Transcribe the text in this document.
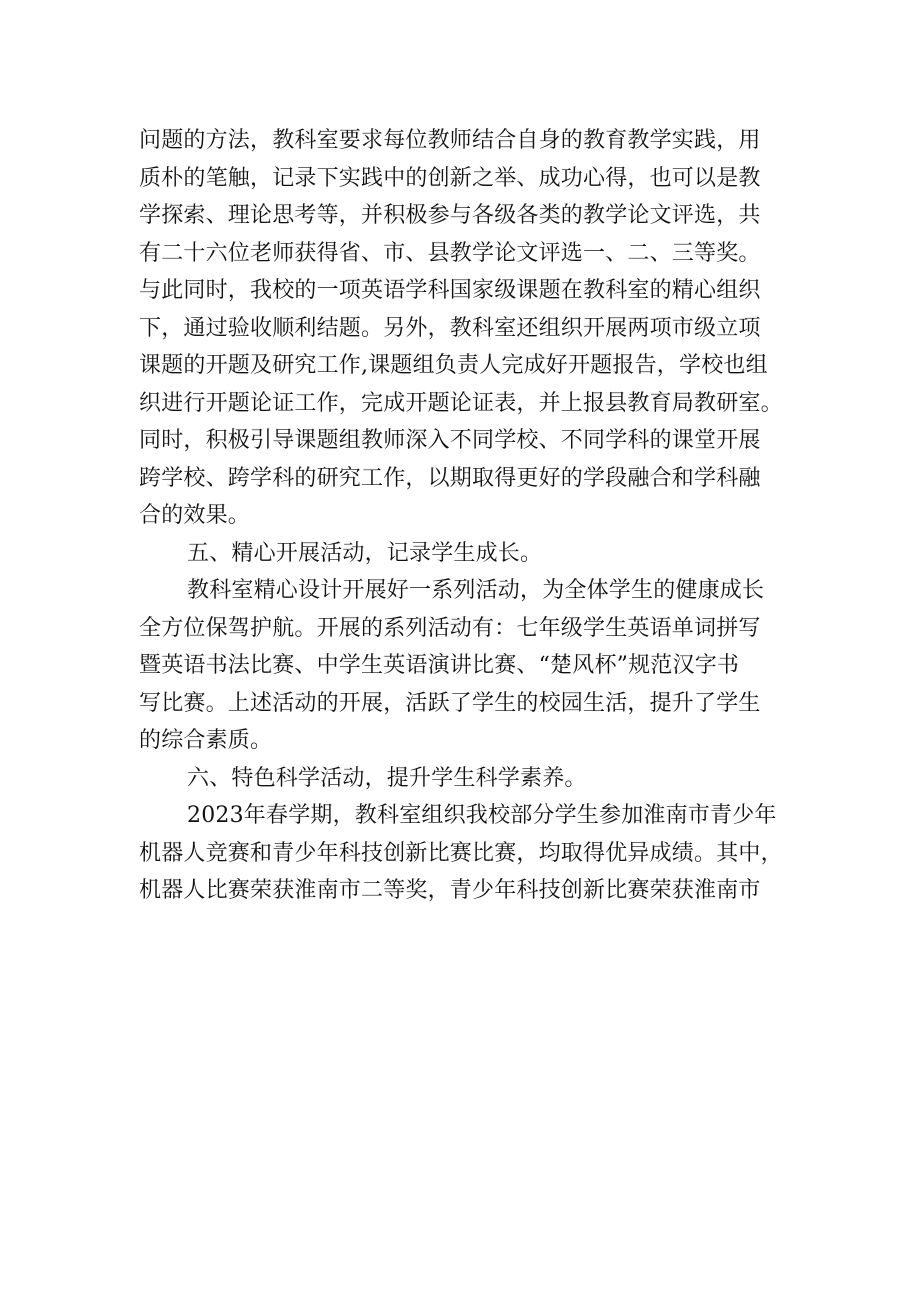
问题的方法，教科室要求每位教师结合自身的教育教学实践，用
质朴的笔触，记录下实践中的创新之举、成功心得，也可以是教
学探索、理论思考等，并积极参与各级各类的教学论文评选，共
有二十六位老师获得省、市、县教学论文评选一、二、三等奖。
与此同时，我校的一项英语学科国家级课题在教科室的精心组织
下，通过验收顺利结题。另外，教科室还组织开展两项市级立项
课题的开题及研究工作,课题组负责人完成好开题报告，学校也组
织进行开题论证工作，完成开题论证表，并上报县教育局教研室。
同时，积极引导课题组教师深入不同学校、不同学科的课堂开展
跨学校、跨学科的研究工作，以期取得更好的学段融合和学科融
合的效果。
五、精心开展活动，记录学生成长。
教科室精心设计开展好一系列活动，为全体学生的健康成长
全方位保驾护航。开展的系列活动有：七年级学生英语单词拼写
暨英语书法比赛、中学生英语演讲比赛、“楚风杯”规范汉字书
写比赛。上述活动的开展，活跃了学生的校园生活，提升了学生
的综合素质。
六、特色科学活动，提升学生科学素养。
2023年春学期，教科室组织我校部分学生参加淮南市青少年
机器人竞赛和青少年科技创新比赛比赛，均取得优异成绩。其中，
机器人比赛荣获淮南市二等奖，青少年科技创新比赛荣获淮南市
